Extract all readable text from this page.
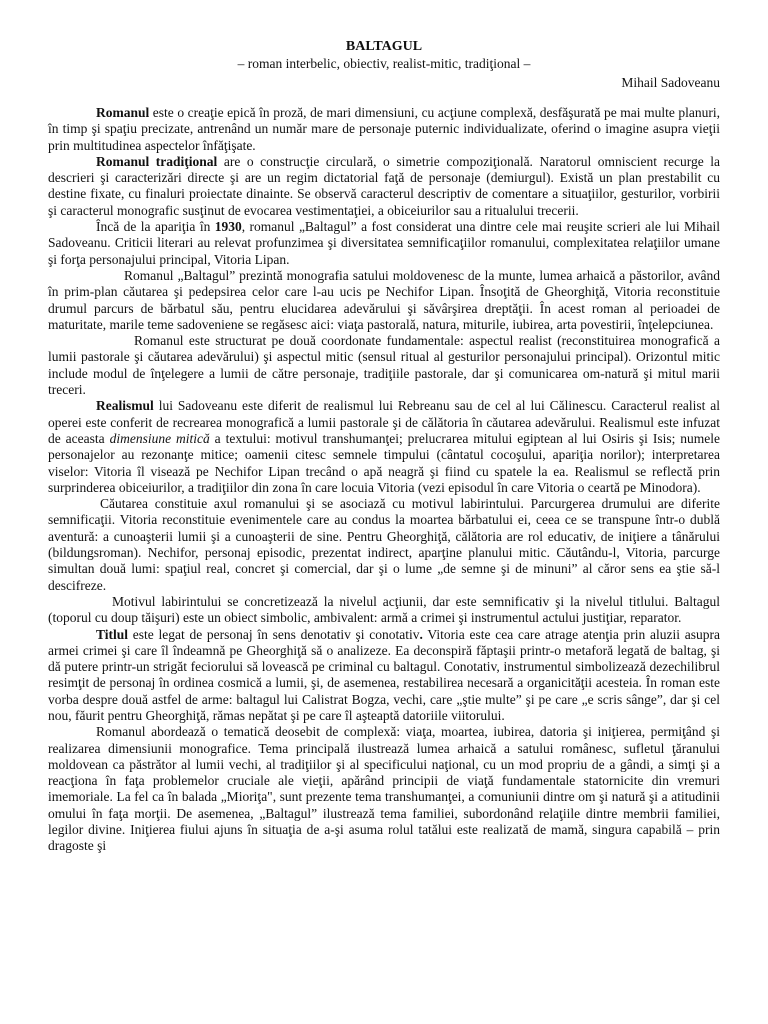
BALTAGUL

– roman interbelic, obiectiv, realist-mitic, tradiţional –

Mihail Sadoveanu

Romanul este o creaţie epică în proză, de mari dimensiuni, cu acţiune complexă, desfăşurată pe mai multe planuri, în timp şi spaţiu precizate, antrenând un număr mare de personaje puternic individualizate, oferind o imagine asupra vieţii prin multitudinea aspectelor înfăţişate.

Romanul tradiţional are o construcţie circulară, o simetrie compoziţională. Naratorul omniscient recurge la descrieri şi caracterizări directe şi are un regim dictatorial faţă de personaje (demiurgul). Există un plan prestabilit cu destine fixate, cu finaluri proiectate dinainte. Se observă caracterul descriptiv de comentare a situaţiilor, gesturilor, vorbirii şi caracterul monografic susţinut de evocarea vestimentaţiei, a obiceiurilor sau a ritualului trecerii.

Încă de la apariţia în 1930, romanul „Baltagul” a fost considerat una dintre cele mai reuşite scrieri ale lui Mihail Sadoveanu. Criticii literari au relevat profunzimea şi diversitatea semnificaţiilor romanului, complexitatea relaţiilor umane şi forţa personajului principal, Vitoria Lipan.

Romanul „Baltagul” prezintă monografia satului moldovenesc de la munte, lumea arhaică a păstorilor, având în prim-plan căutarea şi pedepsirea celor care l-au ucis pe Nechifor Lipan. Însoţită de Gheorghiţă, Vitoria reconstituie drumul parcurs de bărbatul său, pentru elucidarea adevărului şi săvârşirea dreptăţii. În acest roman al perioadei de maturitate, marile teme sadoveniene se regăsesc aici: viaţa pastorală, natura, miturile, iubirea, arta povestirii, înţelepciunea.

Romanul este structurat pe două coordonate fundamentale: aspectul realist (reconstituirea monografică a lumii pastorale şi căutarea adevărului) şi aspectul mitic (sensul ritual al gesturilor personajului principal). Orizontul mitic include modul de înţelegere a lumii de către personaje, tradiţiile pastorale, dar şi comunicarea om-natură şi mitul marii treceri.

Realismul lui Sadoveanu este diferit de realismul lui Rebreanu sau de cel al lui Călinescu. Caracterul realist al operei este conferit de recrearea monografică a lumii pastorale şi de călătoria în căutarea adevărului. Realismul este infuzat de aceasta dimensiune mitică a textului: motivul transhumanţei; prelucrarea mitului egiptean al lui Osiris şi Isis; numele personajelor au rezonanţe mitice; oamenii citesc semnele timpului (cântatul cocoşului, apariţia norilor); interpretarea viselor: Vitoria îl visează pe Nechifor Lipan trecând o apă neagră şi fiind cu spatele la ea. Realismul se reflectă prin surprinderea obiceiurilor, a tradiţiilor din zona în care locuia Vitoria (vezi episodul în care Vitoria o ceartă pe Minodora).

Căutarea constituie axul romanului şi se asociază cu motivul labirintului. Parcurgerea drumului are diferite semnificaţii. Vitoria reconstituie evenimentele care au condus la moartea bărbatului ei, ceea ce se transpune într-o dublă aventură: a cunoaşterii lumii şi a cunoaşterii de sine. Pentru Gheorghiţă, călătoria are rol educativ, de iniţiere a tânărului (bildungsroman). Nechifor, personaj episodic, prezentat indirect, aparţine planului mitic. Căutându-l, Vitoria, parcurge simultan două lumi: spaţiul real, concret şi comercial, dar şi o lume „de semne şi de minuni” al căror sens ea ştie să-l descifreze.

Motivul labirintului se concretizează la nivelul acţiunii, dar este semnificativ şi la nivelul titlului. Baltagul (toporul cu doup tăişuri) este un obiect simbolic, ambivalent: armă a crimei şi instrumentul actului justiţiar, reparator.

Titlul este legat de personaj în sens denotativ şi conotativ. Vitoria este cea care atrage atenţia prin aluzii asupra armei crimei şi care îl îndeamnă pe Gheorghiţă să o analizeze. Ea deconspiră făptaşii printr-o metaforă legată de baltag, şi dă putere printr-un strigăt feciorului să lovească pe criminal cu baltagul. Conotativ, instrumentul simbolizează dezechilibrul resimţit de personaj în ordinea cosmică a lumii, şi, de asemenea, restabilirea necesară a organicităţii acesteia. În roman este vorba despre două astfel de arme: baltagul lui Calistrat Bogza, vechi, care „ştie multe” şi pe care „e scris sânge”, dar şi cel nou, făurit pentru Gheorghiţă, rămas nepătat şi pe care îl aşteaptă datoriile viitorului.

Romanul abordează o tematică deosebit de complexă: viaţa, moartea, iubirea, datoria şi iniţierea, permiţând şi realizarea dimensiunii monografice. Tema principală ilustrează lumea arhaică a satului românesc, sufletul ţăranului moldovean ca păstrător al lumii vechi, al tradiţiilor şi al specificului naţional, cu un mod propriu de a gândi, a simţi şi a reacţiona în faţa problemelor cruciale ale vieţii, apărând principii de viaţă fundamentale statornicite din vremuri imemoriale. La fel ca în balada „Mioriţa", sunt prezente tema transhumanţei, a comuniunii dintre om şi natură şi a atitudinii omului în faţa morţii. De asemenea, „Baltagul” ilustrează tema familiei, subordonând relaţiile dintre membrii familiei, legilor divine. Iniţierea fiului ajuns în situaţia de a-şi asuma rolul tatălui este realizată de mamă, singura capabilă – prin dragoste şi
